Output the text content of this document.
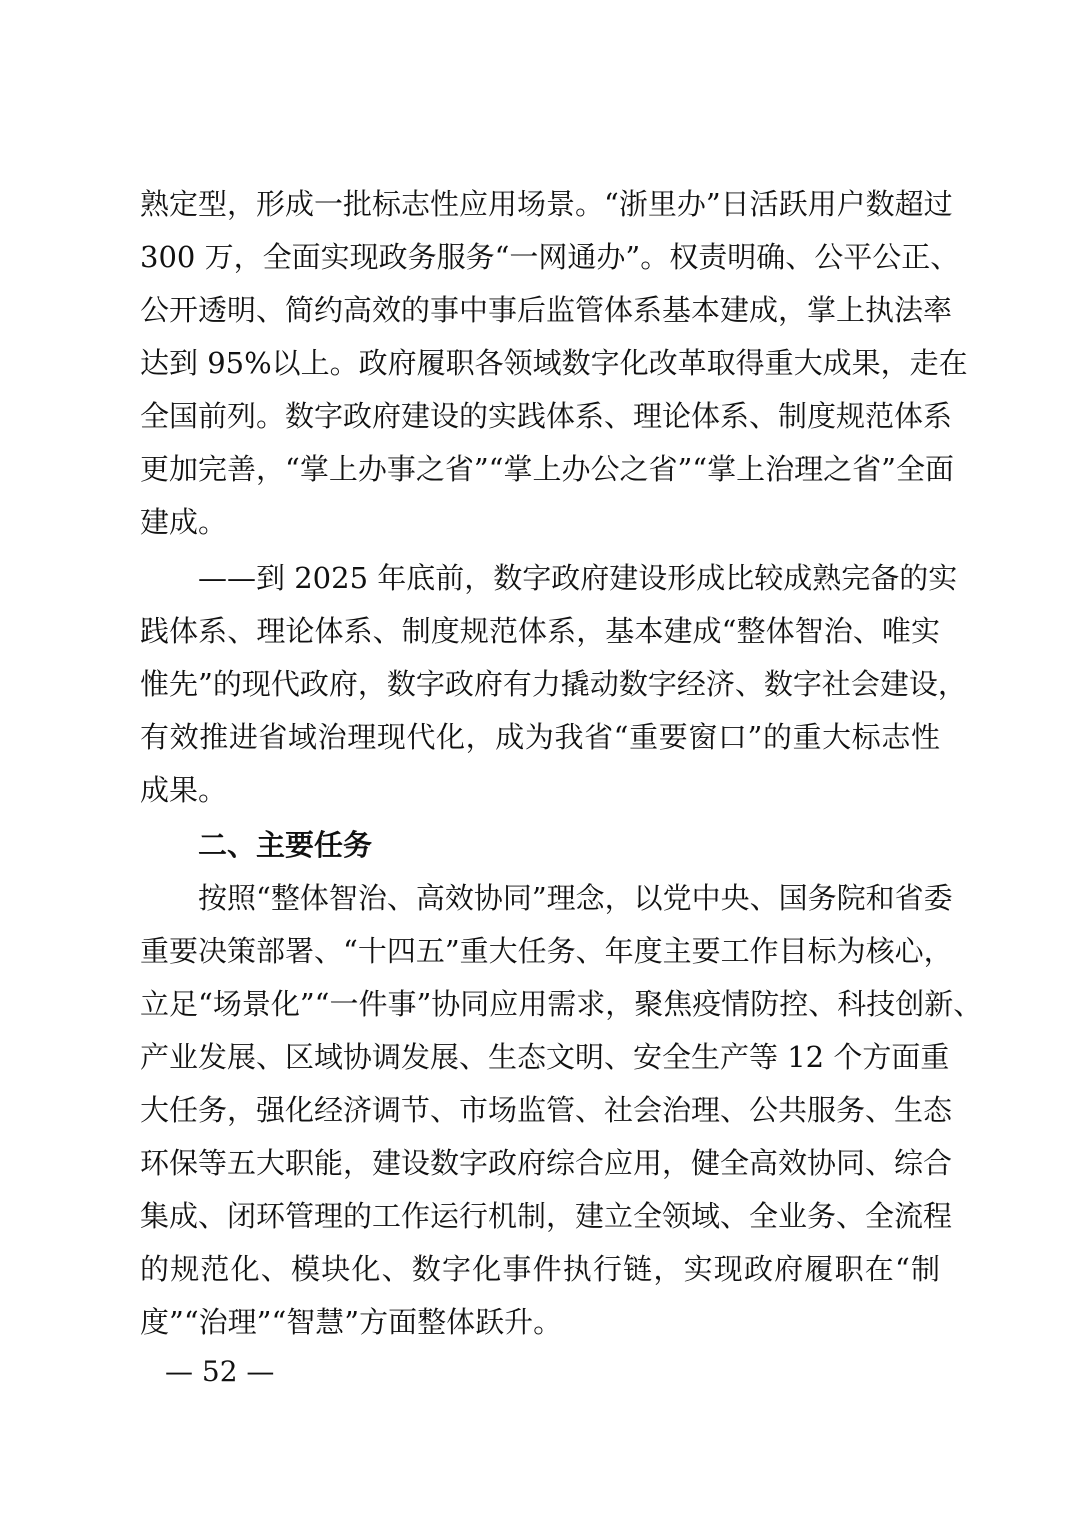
熟定型，形成一批标志性应用场景。“浙里办”日活跃用户数超过
300 万，全面实现政务服务“一网通办”。权责明确、公平公正、
公开透明、简约高效的事中事后监管体系基本建成，掌上执法率
达到 95%以上。政府履职各领域数字化改革取得重大成果，走在
全国前列。数字政府建设的实践体系、理论体系、制度规范体系
更加完善，“掌上办事之省”“掌上办公之省”“掌上治理之省”全面
建成。
——到 2025 年底前，数字政府建设形成比较成熟完备的实
践体系、理论体系、制度规范体系，基本建成“整体智治、唯实
惟先”的现代政府，数字政府有力撬动数字经济、数字社会建设，
有效推进省域治理现代化，成为我省“重要窗口”的重大标志性
成果。
二、主要任务
按照“整体智治、高效协同”理念，以党中央、国务院和省委
重要决策部署、“十四五”重大任务、年度主要工作目标为核心，
立足“场景化”“一件事”协同应用需求，聚焦疫情防控、科技创新、
产业发展、区域协调发展、生态文明、安全生产等 12 个方面重
大任务，强化经济调节、市场监管、社会治理、公共服务、生态
环保等五大职能，建设数字政府综合应用，健全高效协同、综合
集成、闭环管理的工作运行机制，建立全领域、全业务、全流程
的规范化、模块化、数字化事件执行链，实现政府履职在“制
度”“治理”“智慧”方面整体跃升。
— 52 —
